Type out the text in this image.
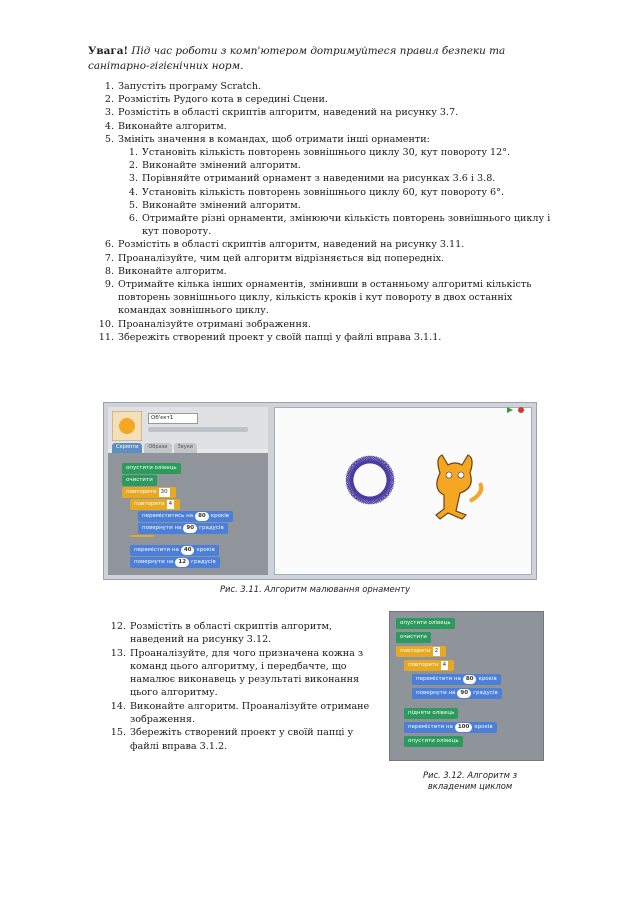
Увага! Під час роботи з комп'ютером дотримуйтеся правил безпеки та санітарно-гігієнічних норм.
1. Запустіть програму Scratch.
2. Розмістіть Рудого кота в середині Сцени.
3. Розмістіть в області скриптів алгоритм, наведений на рисунку 3.7.
4. Виконайте алгоритм.
5. Змініть значення в командах, щоб отримати інші орнаменти:
1. Установіть кількість повторень зовнішнього циклу 30, кут повороту 12°.
2. Виконайте змінений алгоритм.
3. Порівняйте отриманий орнамент з наведеними на рисунках 3.6 і 3.8.
4. Установіть кількість повторень зовнішнього циклу 60, кут повороту 6°.
5. Виконайте змінений алгоритм.
6. Отримайте різні орнаменти, змінюючи кількість повторень зовнішнього циклу і кут повороту.
6. Розмістіть в області скриптів алгоритм, наведений на рисунку 3.11.
7. Проаналізуйте, чим цей алгоритм відрізняється від попередніх.
8. Виконайте алгоритм.
9. Отримайте кілька інших орнаментів, змінивши в останньому алгоритмі кількість повторень зовнішнього циклу, кількість кроків і кут повороту в двох останніх командах зовнішнього циклу.
10. Проаналізуйте отримані зображення.
11. Збережіть створений проект у своїй папці у файлі вправа 3.1.1.
Об'єкт1
Скрипти	Образи	Звуки
опустити олівець
очистити
повторити 30
повторити 4
переміститись на 80 кроків
повернути на 90 градусів
перемістити на 40 кроків
повернути на 12 градусів
Рис. 3.11. Алгоритм малювання орнаменту
12. Розмістіть в області скриптів алгоритм, наведений на рисунку 3.12.
13. Проаналізуйте, для чого призначена кожна з команд цього алгоритму, і передбачте, що намалює виконавець у результаті виконання цього алгоритму.
14. Виконайте алгоритм. Проаналізуйте отримане зображення.
15. Збережіть створений проект у своїй папці у файлі вправа 3.1.2.
опустити олівець
очистити
повторити 2
повторити 4
перемістити на 80 кроків
повернути на 90 градусів
підняти олівець
перемістити на 100 кроків
опустити олівець
Рис. 3.12. Алгоритм з вкладеним циклом
